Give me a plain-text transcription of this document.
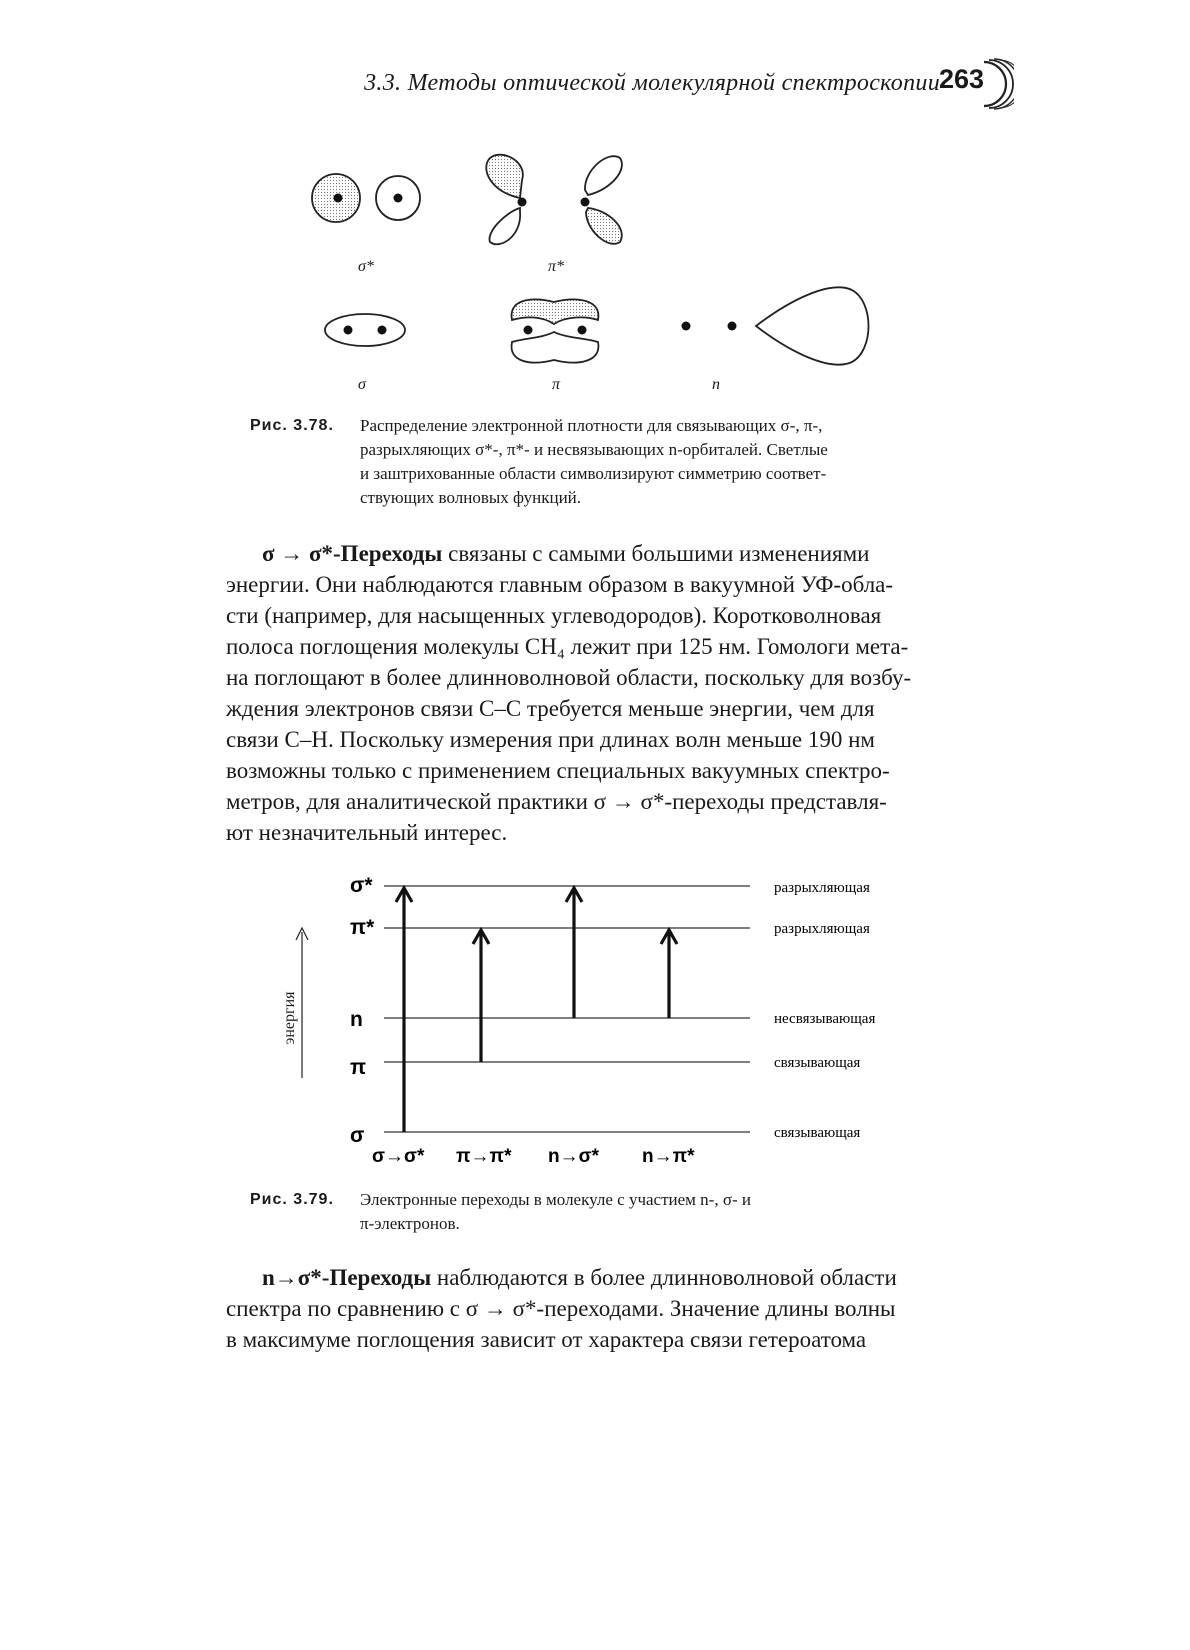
3.3. Методы оптической молекулярной спектроскопии
263
σ*	π*
σ	π	n
Рис. 3.78. Распределение электронной плотности для связывающих σ-, π-,
разрыхляющих σ*-, π*- и несвязывающих n-орбиталей. Светлые
и заштрихованные области символизируют симметрию соответ-
ствующих волновых функций.
σ → σ*-Переходы связаны с самыми большими изменениями
энергии. Они наблюдаются главным образом в вакуумной УФ-обла-
сти (например, для насыщенных углеводородов). Коротковолновая
полоса поглощения молекулы CH₄ лежит при 125 нм. Гомологи мета-
на поглощают в более длинноволновой области, поскольку для возбу-
ждения электронов связи C–C требуется меньше энергии, чем для
связи C–H. Поскольку измерения при длинах волн меньше 190 нм
возможны только с применением специальных вакуумных спектро-
метров, для аналитической практики σ → σ*-переходы представля-
ют незначительный интерес.
энергия
σ*
π*
n
π
σ
разрыхляющая
разрыхляющая
несвязывающая
связывающая
связывающая
σ→σ* π→π* n→σ* n→π*
Рис. 3.79. Электронные переходы в молекуле с участием n-, σ- и
π-электронов.
n→σ*-Переходы наблюдаются в более длинноволновой области
спектра по сравнению с σ → σ*-переходами. Значение длины волны
в максимуме поглощения зависит от характера связи гетероатома
